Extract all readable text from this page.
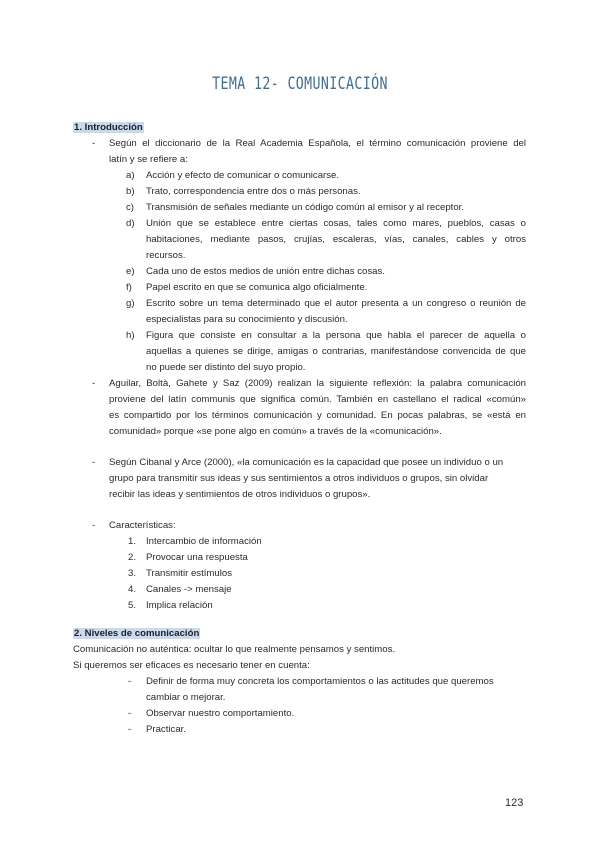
TEMA 12- COMUNICACIÓN
1. Introducción
- Según el diccionario de la Real Academia Española, el término comunicación proviene del
latín y se refiere a:
a) Acción y efecto de comunicar o comunicarse.
b) Trato, correspondencia entre dos o más personas.
c) Transmisión de señales mediante un código común al emisor y al receptor.
d) Unión que se establece entre ciertas cosas, tales como mares, pueblos, casas o
habitaciones, mediante pasos, crujías, escaleras, vías, canales, cables y otros
recursos.
e) Cada uno de estos medios de unión entre dichas cosas.
f) Papel escrito en que se comunica algo oficialmente.
g) Escrito sobre un tema determinado que el autor presenta a un congreso o reunión de
especialistas para su conocimiento y discusión.
h) Figura que consiste en consultar a la persona que habla el parecer de aquella o
aquellas a quienes se dirige, amigas o contrarias, manifestándose convencida de que
no puede ser distinto del suyo propio.
- Aguilar, Boltà, Gahete y Saz (2009) realizan la siguiente reflexión: la palabra comunicación
proviene del latín communis que significa común. También en castellano el radical «común»
es compartido por los términos comunicación y comunidad. En pocas palabras, se «está en
comunidad» porque «se pone algo en común» a través de la «comunicación».
- Según Cibanal y Arce (2000), «la comunicación es la capacidad que posee un individuo o un
grupo para transmitir sus ideas y sus sentimientos a otros individuos o grupos, sin olvidar
recibir las ideas y sentimientos de otros individuos o grupos».
- Características:
1. Intercambio de información
2. Provocar una respuesta
3. Transmitir estímulos
4. Canales -> mensaje
5. Implica relación
2. Niveles de comunicación
Comunicación no auténtica: ocultar lo que realmente pensamos y sentimos.
Si queremos ser eficaces es necesario tener en cuenta:
- Definir de forma muy concreta los comportamientos o las actitudes que queremos
cambiar o mejorar.
- Observar nuestro comportamiento.
- Practicar.
123
